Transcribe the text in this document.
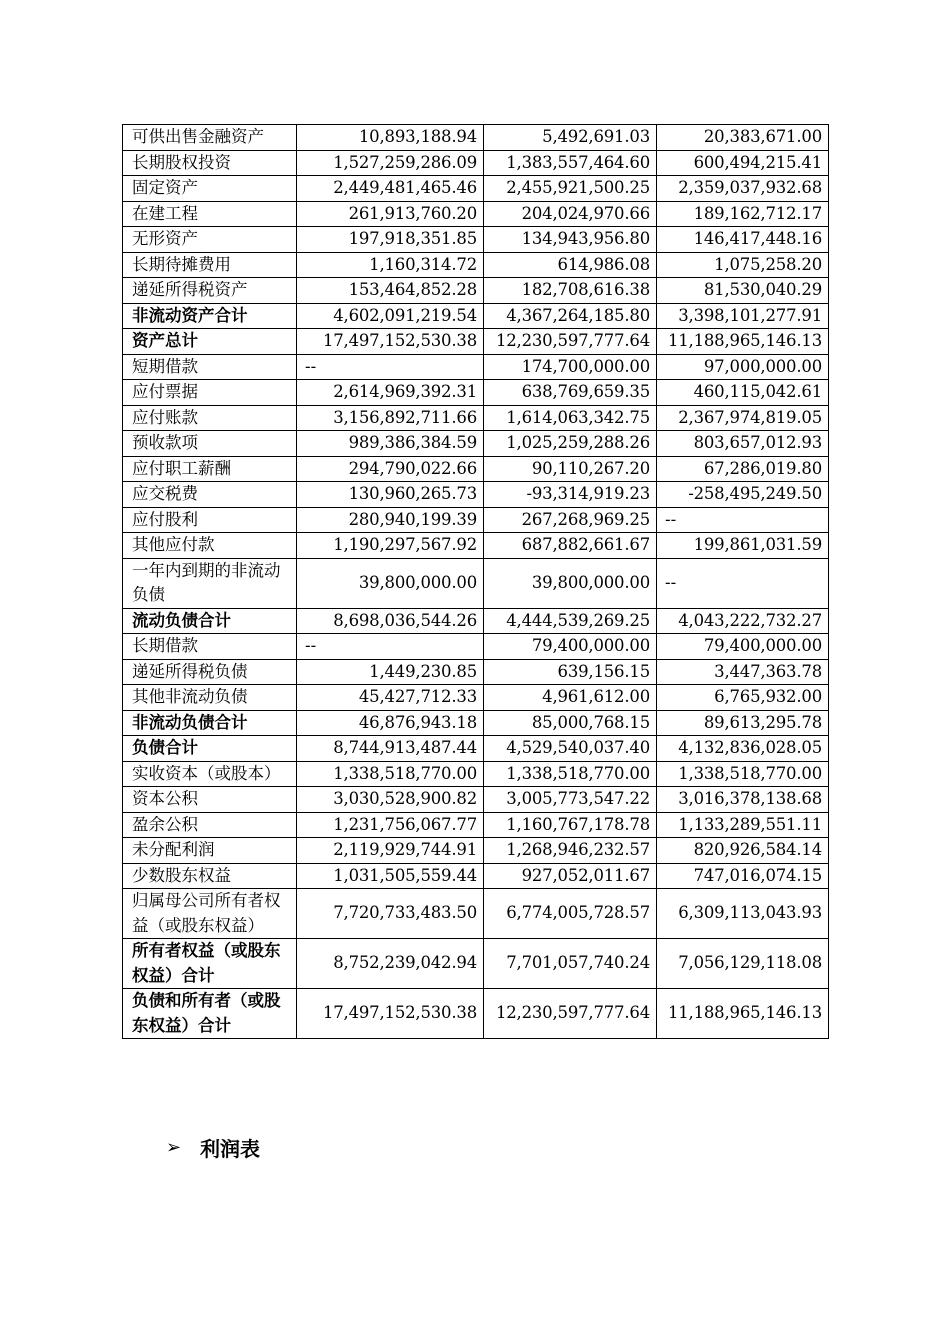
可供出售金融资产	10,893,188.94	5,492,691.03	20,383,671.00
长期股权投资	1,527,259,286.09	1,383,557,464.60	600,494,215.41
固定资产	2,449,481,465.46	2,455,921,500.25	2,359,037,932.68
在建工程	261,913,760.20	204,024,970.66	189,162,712.17
无形资产	197,918,351.85	134,943,956.80	146,417,448.16
长期待摊费用	1,160,314.72	614,986.08	1,075,258.20
递延所得税资产	153,464,852.28	182,708,616.38	81,530,040.29
非流动资产合计	4,602,091,219.54	4,367,264,185.80	3,398,101,277.91
资产总计	17,497,152,530.38	12,230,597,777.64	11,188,965,146.13
短期借款	--	174,700,000.00	97,000,000.00
应付票据	2,614,969,392.31	638,769,659.35	460,115,042.61
应付账款	3,156,892,711.66	1,614,063,342.75	2,367,974,819.05
预收款项	989,386,384.59	1,025,259,288.26	803,657,012.93
应付职工薪酬	294,790,022.66	90,110,267.20	67,286,019.80
应交税费	130,960,265.73	-93,314,919.23	-258,495,249.50
应付股利	280,940,199.39	267,268,969.25	--
其他应付款	1,190,297,567.92	687,882,661.67	199,861,031.59
一年内到期的非流动负债	39,800,000.00	39,800,000.00	--
流动负债合计	8,698,036,544.26	4,444,539,269.25	4,043,222,732.27
长期借款	--	79,400,000.00	79,400,000.00
递延所得税负债	1,449,230.85	639,156.15	3,447,363.78
其他非流动负债	45,427,712.33	4,961,612.00	6,765,932.00
非流动负债合计	46,876,943.18	85,000,768.15	89,613,295.78
负债合计	8,744,913,487.44	4,529,540,037.40	4,132,836,028.05
实收资本（或股本）	1,338,518,770.00	1,338,518,770.00	1,338,518,770.00
资本公积	3,030,528,900.82	3,005,773,547.22	3,016,378,138.68
盈余公积	1,231,756,067.77	1,160,767,178.78	1,133,289,551.11
未分配利润	2,119,929,744.91	1,268,946,232.57	820,926,584.14
少数股东权益	1,031,505,559.44	927,052,011.67	747,016,074.15
归属母公司所有者权益（或股东权益）	7,720,733,483.50	6,774,005,728.57	6,309,113,043.93
所有者权益（或股东权益）合计	8,752,239,042.94	7,701,057,740.24	7,056,129,118.08
负债和所有者（或股东权益）合计	17,497,152,530.38	12,230,597,777.64	11,188,965,146.13
➢ 利润表
